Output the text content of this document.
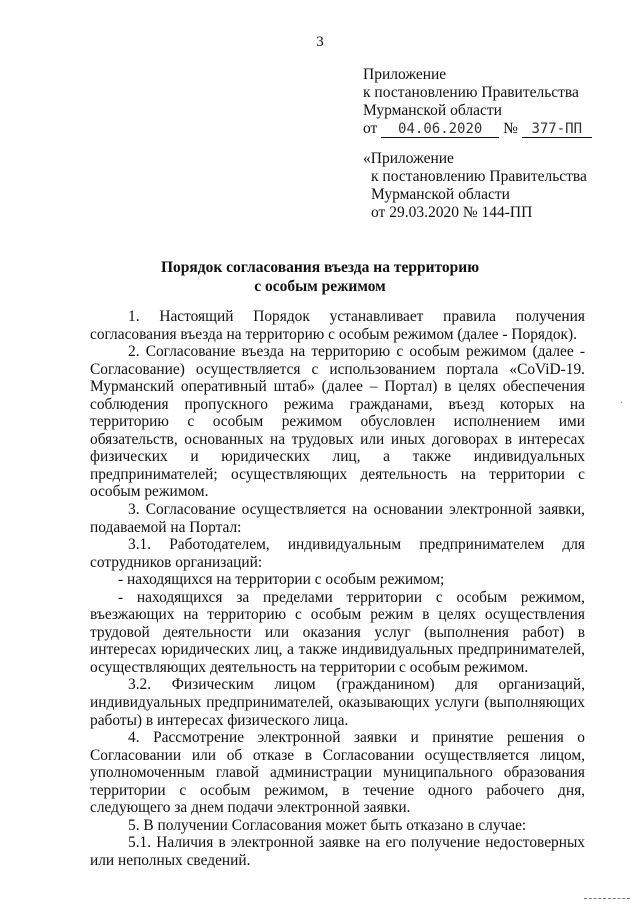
3
Приложение
к постановлению Правительства
Мурманской области
от 04.06.2020 № 377-ПП
«Приложение
к постановлению Правительства
Мурманской области
от 29.03.2020 № 144-ПП
Порядок согласования въезда на территорию
с особым режимом

1. Настоящий Порядок устанавливает правила получения согласования въезда на территорию с особым режимом (далее - Порядок).

2. Согласование въезда на территорию с особым режимом (далее - Согласование) осуществляется с использованием портала «CoViD-19. Мурманский оперативный штаб» (далее – Портал) в целях обеспечения соблюдения пропускного режима гражданами, въезд которых на территорию с особым режимом обусловлен исполнением ими обязательств, основанных на трудовых или иных договорах в интересах физических и юридических лиц, а также индивидуальных предпринимателей; осуществляющих деятельность на территории с особым режимом.

3. Согласование осуществляется на основании электронной заявки, подаваемой на Портал:

3.1. Работодателем, индивидуальным предпринимателем для сотрудников организаций:

- находящихся на территории с особым режимом;

- находящихся за пределами территории с особым режимом, въезжающих на территорию с особым режим в целях осуществления трудовой деятельности или оказания услуг (выполнения работ) в интересах юридических лиц, а также индивидуальных предпринимателей, осуществляющих деятельность на территории с особым режимом.

3.2. Физическим лицом (гражданином) для организаций, индивидуальных предпринимателей, оказывающих услуги (выполняющих работы) в интересах физического лица.

4. Рассмотрение электронной заявки и принятие решения о Согласовании или об отказе в Согласовании осуществляется лицом, уполномоченным главой администрации муниципального образования территории с особым режимом, в течение одного рабочего дня, следующего за днем подачи электронной заявки.

5. В получении Согласования может быть отказано в случае:

5.1. Наличия в электронной заявке на его получение недостоверных или неполных сведений.

·
